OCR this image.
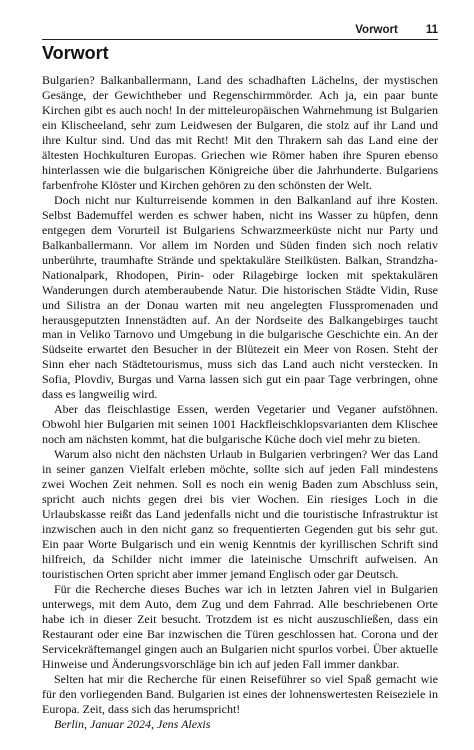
Vorwort 11
Vorwort

Bulgarien? Balkanballermann, Land des schadhaften Lächelns, der mystischen Gesänge, der Gewichtheber und Regenschirmmörder. Ach ja, ein paar bunte Kirchen gibt es auch noch! In der mitteleuropäischen Wahrnehmung ist Bulgarien ein Klischeeland, sehr zum Leidwesen der Bulgaren, die stolz auf ihr Land und ihre Kultur sind. Und das mit Recht! Mit den Thrakern sah das Land eine der ältesten Hochkulturen Europas. Griechen wie Römer haben ihre Spuren ebenso hinterlassen wie die bulgarischen Königreiche über die Jahrhunderte. Bulgariens farbenfrohe Klöster und Kirchen gehören zu den schönsten der Welt.

Doch nicht nur Kulturreisende kommen in den Balkanland auf ihre Kosten. Selbst Bademuffel werden es schwer haben, nicht ins Wasser zu hüpfen, denn entgegen dem Vorurteil ist Bulgariens Schwarzmeerküste nicht nur Party und Balkanballermann. Vor allem im Norden und Süden finden sich noch relativ unberührte, traumhafte Strände und spektakuläre Steilküsten. Balkan, Strandzha-Nationalpark, Rhodopen, Pirin- oder Rilagebirge locken mit spektakulären Wanderungen durch atemberaubende Natur. Die historischen Städte Vidin, Ruse und Silistra an der Donau warten mit neu angelegten Flusspromenaden und herausgeputzten Innenstädten auf. An der Nordseite des Balkangebirges taucht man in Veliko Tarnovo und Umgebung in die bulgarische Geschichte ein. An der Südseite erwartet den Besucher in der Blütezeit ein Meer von Rosen. Steht der Sinn eher nach Städtetourismus, muss sich das Land auch nicht verstecken. In Sofia, Plovdiv, Burgas und Varna lassen sich gut ein paar Tage verbringen, ohne dass es langweilig wird.

Aber das fleischlastige Essen, werden Vegetarier und Veganer aufstöhnen. Obwohl hier Bulgarien mit seinen 1001 Hackfleischklopsvarianten dem Klischee noch am nächsten kommt, hat die bulgarische Küche doch viel mehr zu bieten.

Warum also nicht den nächsten Urlaub in Bulgarien verbringen? Wer das Land in seiner ganzen Vielfalt erleben möchte, sollte sich auf jeden Fall mindestens zwei Wochen Zeit nehmen. Soll es noch ein wenig Baden zum Abschluss sein, spricht auch nichts gegen drei bis vier Wochen. Ein riesiges Loch in die Urlaubskasse reißt das Land jedenfalls nicht und die touristische Infrastruktur ist inzwischen auch in den nicht ganz so frequentierten Gegenden gut bis sehr gut. Ein paar Worte Bulgarisch und ein wenig Kenntnis der kyrillischen Schrift sind hilfreich, da Schilder nicht immer die lateinische Umschrift aufweisen. An touristischen Orten spricht aber immer jemand Englisch oder gar Deutsch.

Für die Recherche dieses Buches war ich in letzten Jahren viel in Bulgarien unterwegs, mit dem Auto, dem Zug und dem Fahrrad. Alle beschriebenen Orte habe ich in dieser Zeit besucht. Trotzdem ist es nicht auszuschließen, dass ein Restaurant oder eine Bar inzwischen die Türen geschlossen hat. Corona und der Servicekräftemangel gingen auch an Bulgarien nicht spurlos vorbei. Über aktuelle Hinweise und Änderungsvorschläge bin ich auf jeden Fall immer dankbar.

Selten hat mir die Recherche für einen Reiseführer so viel Spaß gemacht wie für den vorliegenden Band. Bulgarien ist eines der lohnenswertesten Reiseziele in Europa. Zeit, dass sich das herumspricht!

Berlin, Januar 2024, Jens Alexis
